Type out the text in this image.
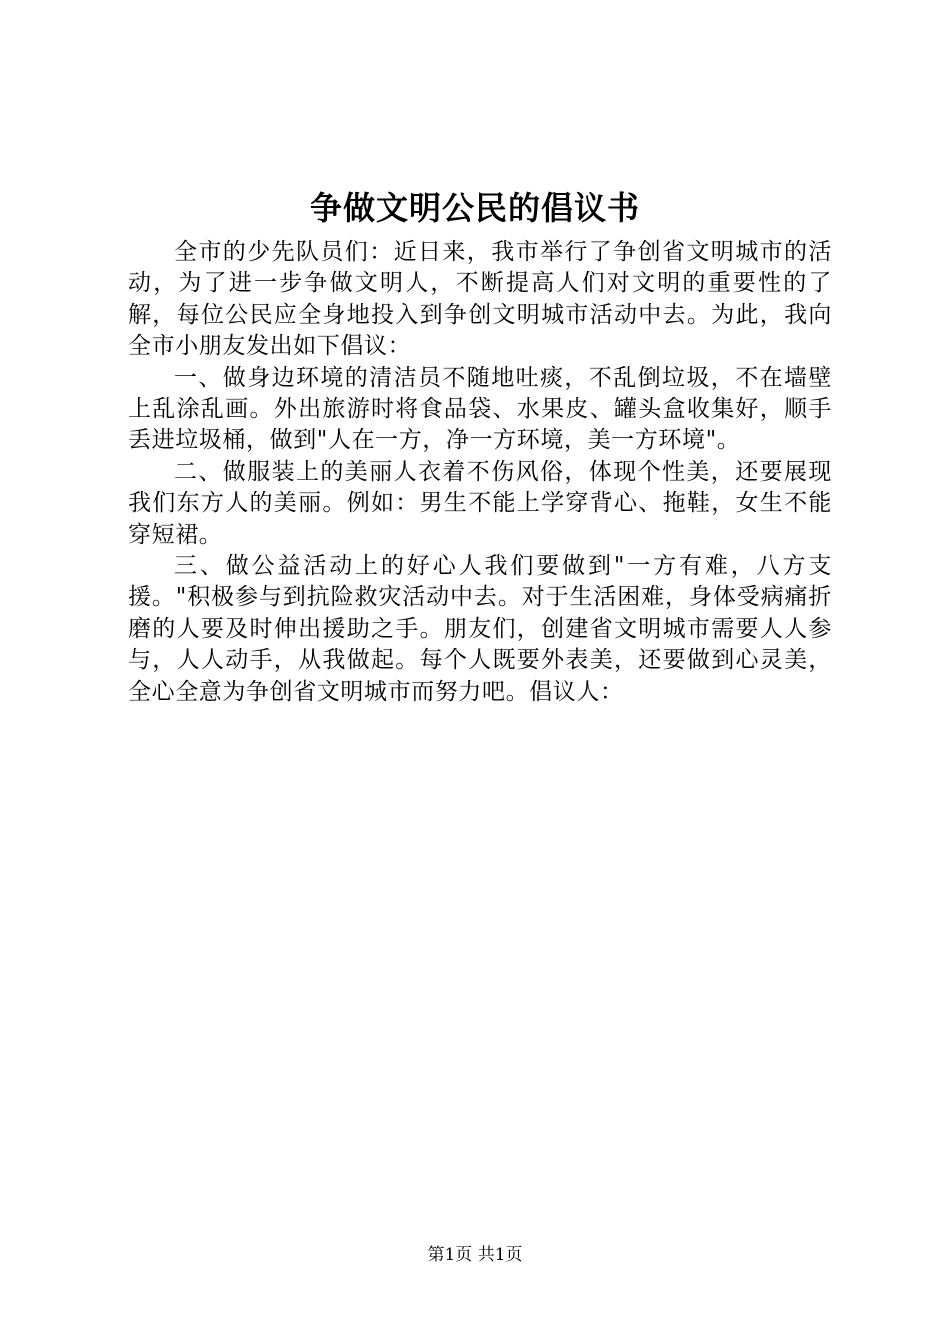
争做文明公民的倡议书

全市的少先队员们：近日来，我市举行了争创省文明城市的活动，为了进一步争做文明人，不断提高人们对文明的重要性的了解，每位公民应全身地投入到争创文明城市活动中去。为此，我向全市小朋友发出如下倡议：

一、做身边环境的清洁员不随地吐痰，不乱倒垃圾，不在墙壁上乱涂乱画。外出旅游时将食品袋、水果皮、罐头盒收集好，顺手丢进垃圾桶，做到"人在一方，净一方环境，美一方环境"。

二、做服装上的美丽人衣着不伤风俗，体现个性美，还要展现我们东方人的美丽。例如：男生不能上学穿背心、拖鞋，女生不能穿短裙。

三、做公益活动上的好心人我们要做到"一方有难，八方支援。"积极参与到抗险救灾活动中去。对于生活困难，身体受病痛折磨的人要及时伸出援助之手。朋友们，创建省文明城市需要人人参与，人人动手，从我做起。每个人既要外表美，还要做到心灵美，全心全意为争创省文明城市而努力吧。倡议人：

第1页 共1页
